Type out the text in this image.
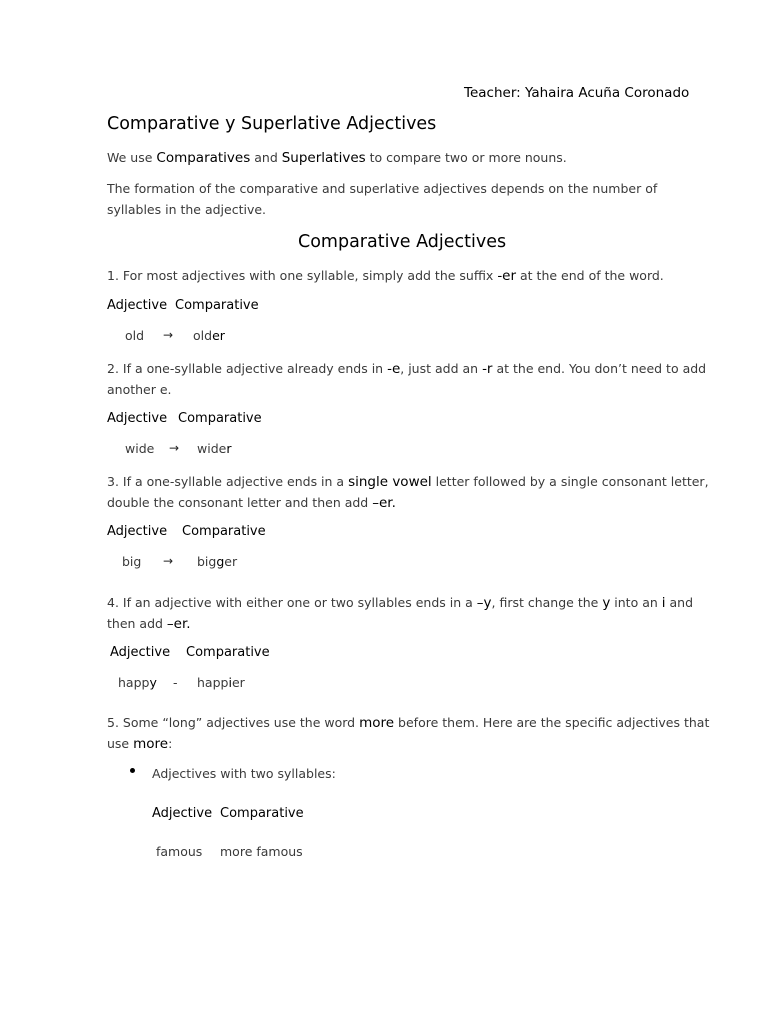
Teacher: Yahaira Acuña Coronado
Comparative y Superlative Adjectives
We use Comparatives and Superlatives to compare two or more nouns.
The formation of the comparative and superlative adjectives depends on the number of
syllables in the adjective.
Comparative Adjectives
1. For most adjectives with one syllable, simply add the suffix -er at the end of the word.
Adjective Comparative
old → older
2. If a one-syllable adjective already ends in -e, just add an -r at the end. You don’t need to add
another e.
Adjective Comparative
wide → wider
3. If a one-syllable adjective ends in a single vowel letter followed by a single consonant letter,
double the consonant letter and then add –er.
Adjective Comparative
big → bigger
4. If an adjective with either one or two syllables ends in a –y, first change the y into an i and
then add –er.
Adjective Comparative
happy - happier
5. Some “long” adjectives use the word more before them. Here are the specific adjectives that
use more:
Adjectives with two syllables:
Adjective Comparative
famous more famous
